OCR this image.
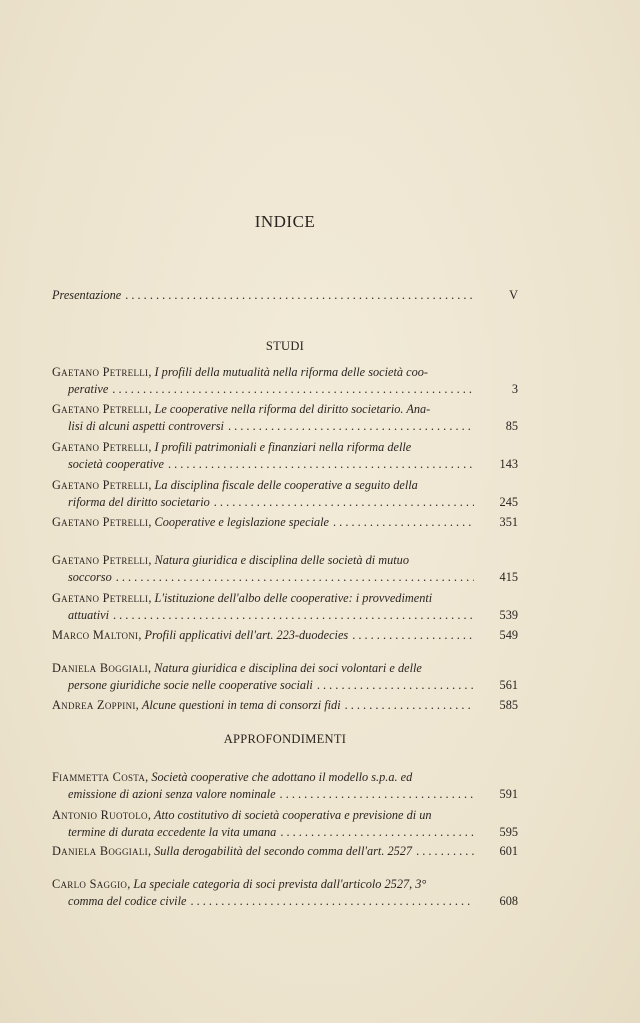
INDICE
Presentazione . . .	V
STUDI
Gaetano Petrelli, I profili della mutualità nella riforma delle società coo-
perative . . .	3
Gaetano Petrelli, Le cooperative nella riforma del diritto societario. Ana-
lisi di alcuni aspetti controversi . . .	85
Gaetano Petrelli, I profili patrimoniali e finanziari nella riforma delle
società cooperative . . .	143
Gaetano Petrelli, La disciplina fiscale delle cooperative a seguito della
riforma del diritto societario . . .	245
Gaetano Petrelli, Cooperative e legislazione speciale . . .	351
Gaetano Petrelli, Natura giuridica e disciplina delle società di mutuo
soccorso . . .	415
Gaetano Petrelli, L'istituzione dell'albo delle cooperative: i provvedimenti
attuativi . . .	539
Marco Maltoni, Profili applicativi dell'art. 223-duodecies . . .	549
Daniela Boggiali, Natura giuridica e disciplina dei soci volontari e delle
persone giuridiche socie nelle cooperative sociali . . .	561
Andrea Zoppini, Alcune questioni in tema di consorzi fidi . . .	585
APPROFONDIMENTI
Fiammetta Costa, Società cooperative che adottano il modello s.p.a. ed
emissione di azioni senza valore nominale . . .	591
Antonio Ruotolo, Atto costitutivo di società cooperativa e previsione di un
termine di durata eccedente la vita umana . . .	595
Daniela Boggiali, Sulla derogabilità del secondo comma dell'art. 2527 . . .	601
Carlo Saggio, La speciale categoria di soci prevista dall'articolo 2527, 3°
comma del codice civile . . .	608
